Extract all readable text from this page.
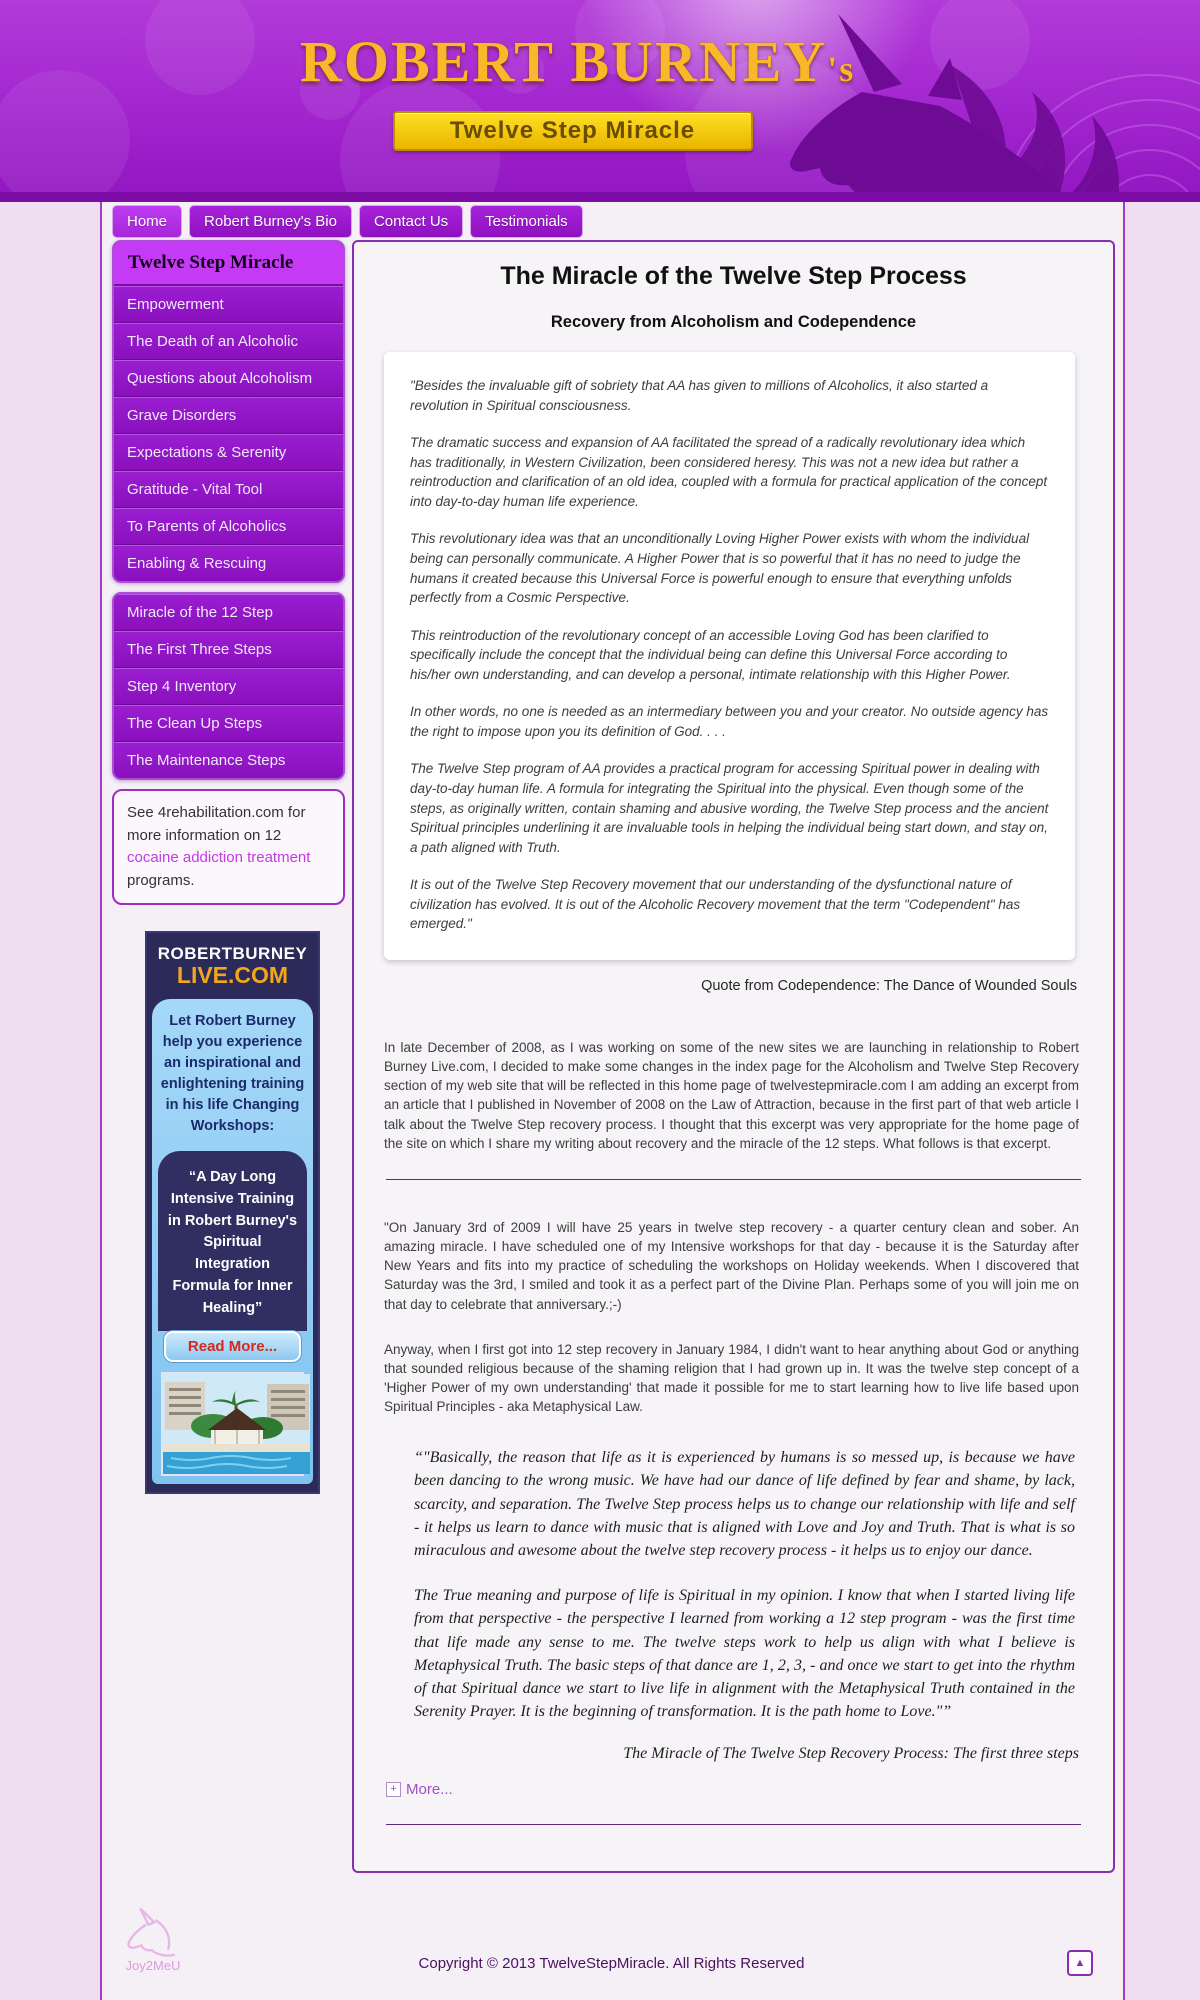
ROBERT BURNEY's
Twelve Step Miracle
Home	Robert Burney's Bio	Contact Us	Testimonials
Twelve Step Miracle
Empowerment
The Death of an Alcoholic
Questions about Alcoholism
Grave Disorders
Expectations & Serenity
Gratitude - Vital Tool
To Parents of Alcoholics
Enabling & Rescuing
Miracle of the 12 Step
The First Three Steps
Step 4 Inventory
The Clean Up Steps
The Maintenance Steps
See 4rehabilitation.com for more information on 12 cocaine addiction treatment programs.
ROBERTBURNEY
LIVE.COM
Let Robert Burney help you experience an inspirational and enlightening training in his life Changing Workshops:
“A Day Long Intensive Training in Robert Burney's Spiritual Integration Formula for Inner Healing”
Read More...
The Miracle of the Twelve Step Process
Recovery from Alcoholism and Codependence

"Besides the invaluable gift of sobriety that AA has given to millions of Alcoholics, it also started a revolution in Spiritual consciousness.

The dramatic success and expansion of AA facilitated the spread of a radically revolutionary idea which has traditionally, in Western Civilization, been considered heresy. This was not a new idea but rather a reintroduction and clarification of an old idea, coupled with a formula for practical application of the concept into day-to-day human life experience.

This revolutionary idea was that an unconditionally Loving Higher Power exists with whom the individual being can personally communicate. A Higher Power that is so powerful that it has no need to judge the humans it created because this Universal Force is powerful enough to ensure that everything unfolds perfectly from a Cosmic Perspective.

This reintroduction of the revolutionary concept of an accessible Loving God has been clarified to specifically include the concept that the individual being can define this Universal Force according to his/her own understanding, and can develop a personal, intimate relationship with this Higher Power.

In other words, no one is needed as an intermediary between you and your creator. No outside agency has the right to impose upon you its definition of God. . . .

The Twelve Step program of AA provides a practical program for accessing Spiritual power in dealing with day-to-day human life. A formula for integrating the Spiritual into the physical. Even though some of the steps, as originally written, contain shaming and abusive wording, the Twelve Step process and the ancient Spiritual principles underlining it are invaluable tools in helping the individual being start down, and stay on, a path aligned with Truth.

It is out of the Twelve Step Recovery movement that our understanding of the dysfunctional nature of civilization has evolved. It is out of the Alcoholic Recovery movement that the term "Codependent" has emerged."

Quote from Codependence: The Dance of Wounded Souls

In late December of 2008, as I was working on some of the new sites we are launching in relationship to Robert Burney Live.com, I decided to make some changes in the index page for the Alcoholism and Twelve Step Recovery section of my web site that will be reflected in this home page of twelvestepmiracle.com I am adding an excerpt from an article that I published in November of 2008 on the Law of Attraction, because in the first part of that web article I talk about the Twelve Step recovery process. I thought that this excerpt was very appropriate for the home page of the site on which I share my writing about recovery and the miracle of the 12 steps. What follows is that excerpt.

"On January 3rd of 2009 I will have 25 years in twelve step recovery - a quarter century clean and sober. An amazing miracle. I have scheduled one of my Intensive workshops for that day - because it is the Saturday after New Years and fits into my practice of scheduling the workshops on Holiday weekends. When I discovered that Saturday was the 3rd, I smiled and took it as a perfect part of the Divine Plan. Perhaps some of you will join me on that day to celebrate that anniversary.;-)

Anyway, when I first got into 12 step recovery in January 1984, I didn't want to hear anything about God or anything that sounded religious because of the shaming religion that I had grown up in. It was the twelve step concept of a 'Higher Power of my own understanding' that made it possible for me to start learning how to live life based upon Spiritual Principles - aka Metaphysical Law.

“"Basically, the reason that life as it is experienced by humans is so messed up, is because we have been dancing to the wrong music. We have had our dance of life defined by fear and shame, by lack, scarcity, and separation. The Twelve Step process helps us to change our relationship with life and self - it helps us learn to dance with music that is aligned with Love and Joy and Truth. That is what is so miraculous and awesome about the twelve step recovery process - it helps us to enjoy our dance.

The True meaning and purpose of life is Spiritual in my opinion. I know that when I started living life from that perspective - the perspective I learned from working a 12 step program - was the first time that life made any sense to me. The twelve steps work to help us align with what I believe is Metaphysical Truth. The basic steps of that dance are 1, 2, 3, - and once we start to get into the rhythm of that Spiritual dance we start to live life in alignment with the Metaphysical Truth contained in the Serenity Prayer. It is the beginning of transformation. It is the path home to Love."”

The Miracle of The Twelve Step Recovery Process: The first three steps
+ More...
Joy2MeU	Copyright © 2013 TwelveStepMiracle. All Rights Reserved	▲
